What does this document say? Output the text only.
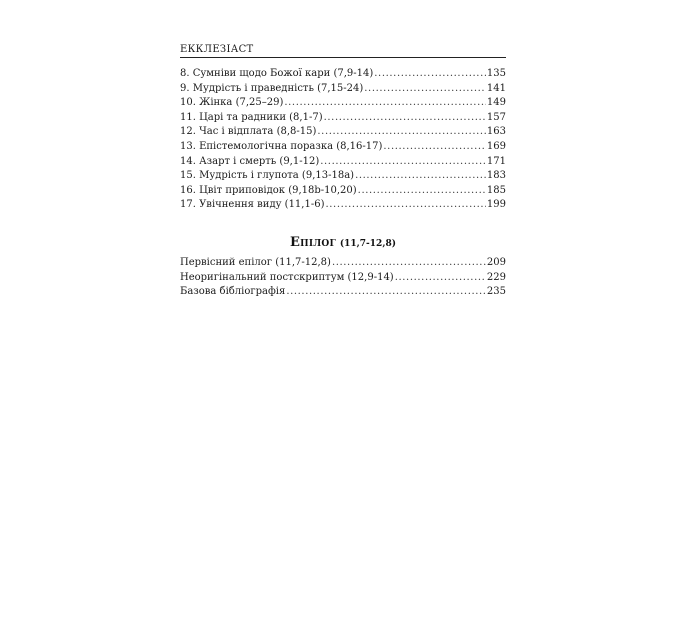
ЕККЛЕЗІАСТ
8. Сумніви щодо Божої кари (7,9-14) .....	135
9. Мудрість і праведність (7,15-24) .....	141
10. Жінка (7,25–29) .....	149
11. Царі та радники (8,1-7) .....	157
12. Час і відплата (8,8-15) .....	163
13. Епістемологічна поразка (8,16-17) .....	169
14. Азарт і смерть (9,1-12) .....	171
15. Мудрість і глупота (9,13-18а) .....	183
16. Цвіт приповідок (9,18b-10,20) .....	185
17. Увічнення виду (11,1-6) .....	199
Епілог (11,7-12,8)
Первісний епілог (11,7-12,8) .....	209
Неоригінальний постскриптум (12,9-14) .....	229
Базова бібліографія .....	235
